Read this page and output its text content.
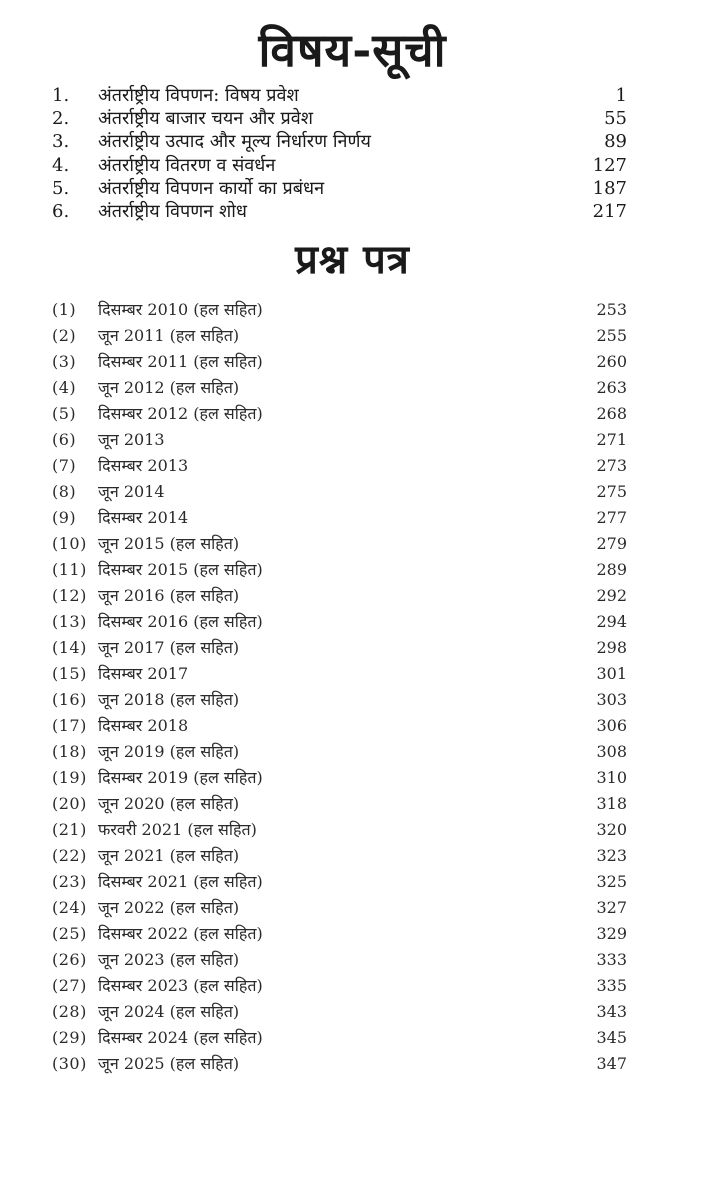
विषय-सूची
1. अंतर्राष्ट्रीय विपणन: विषय प्रवेश	1
2. अंतर्राष्ट्रीय बाजार चयन और प्रवेश	55
3. अंतर्राष्ट्रीय उत्पाद और मूल्य निर्धारण निर्णय	89
4. अंतर्राष्ट्रीय वितरण व संवर्धन	127
5. अंतर्राष्ट्रीय विपणन कार्यो का प्रबंधन	187
6. अंतर्राष्ट्रीय विपणन शोध	217
प्रश्न पत्र
(1) दिसम्बर 2010 (हल सहित)	253
(2) जून 2011 (हल सहित)	255
(3) दिसम्बर 2011 (हल सहित)	260
(4) जून 2012 (हल सहित)	263
(5) दिसम्बर 2012 (हल सहित)	268
(6) जून 2013	271
(7) दिसम्बर 2013	273
(8) जून 2014	275
(9) दिसम्बर 2014	277
(10) जून 2015 (हल सहित)	279
(11) दिसम्बर 2015 (हल सहित)	289
(12) जून 2016 (हल सहित)	292
(13) दिसम्बर 2016 (हल सहित)	294
(14) जून 2017 (हल सहित)	298
(15) दिसम्बर 2017	301
(16) जून 2018 (हल सहित)	303
(17) दिसम्बर 2018	306
(18) जून 2019 (हल सहित)	308
(19) दिसम्बर 2019 (हल सहित)	310
(20) जून 2020 (हल सहित)	318
(21) फरवरी 2021 (हल सहित)	320
(22) जून 2021 (हल सहित)	323
(23) दिसम्बर 2021 (हल सहित)	325
(24) जून 2022 (हल सहित)	327
(25) दिसम्बर 2022 (हल सहित)	329
(26) जून 2023 (हल सहित)	333
(27) दिसम्बर 2023 (हल सहित)	335
(28) जून 2024 (हल सहित)	343
(29) दिसम्बर 2024 (हल सहित)	345
(30) जून 2025 (हल सहित)	347
